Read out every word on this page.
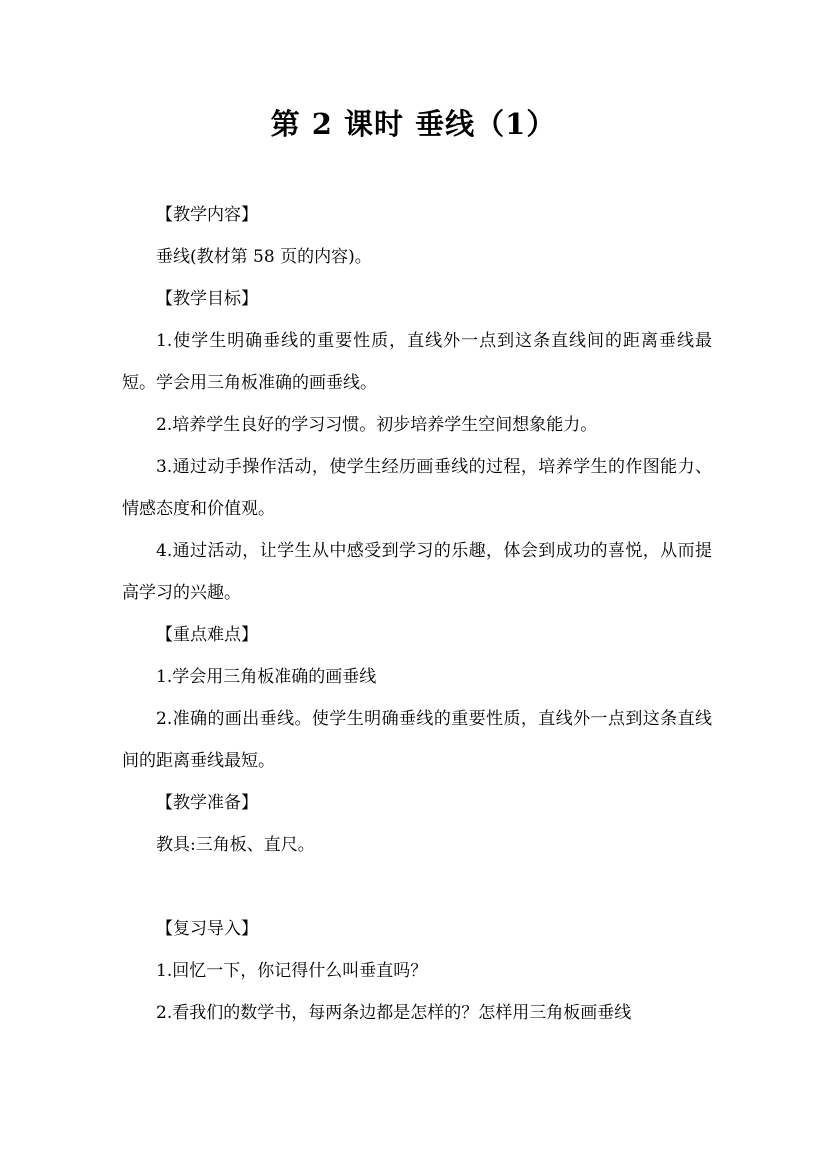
第 2 课时 垂线（1）

【教学内容】

垂线(教材第 58 页的内容)。

【教学目标】

1.使学生明确垂线的重要性质，直线外一点到这条直线间的距离垂线最短。学会用三角板准确的画垂线。

2.培养学生良好的学习习惯。初步培养学生空间想象能力。

3.通过动手操作活动，使学生经历画垂线的过程，培养学生的作图能力、情感态度和价值观。

4.通过活动，让学生从中感受到学习的乐趣，体会到成功的喜悦，从而提高学习的兴趣。

【重点难点】

1.学会用三角板准确的画垂线

2.准确的画出垂线。使学生明确垂线的重要性质，直线外一点到这条直线间的距离垂线最短。

【教学准备】

教具:三角板、直尺。

【复习导入】

1.回忆一下，你记得什么叫垂直吗？

2.看我们的数学书，每两条边都是怎样的？怎样用三角板画垂线
